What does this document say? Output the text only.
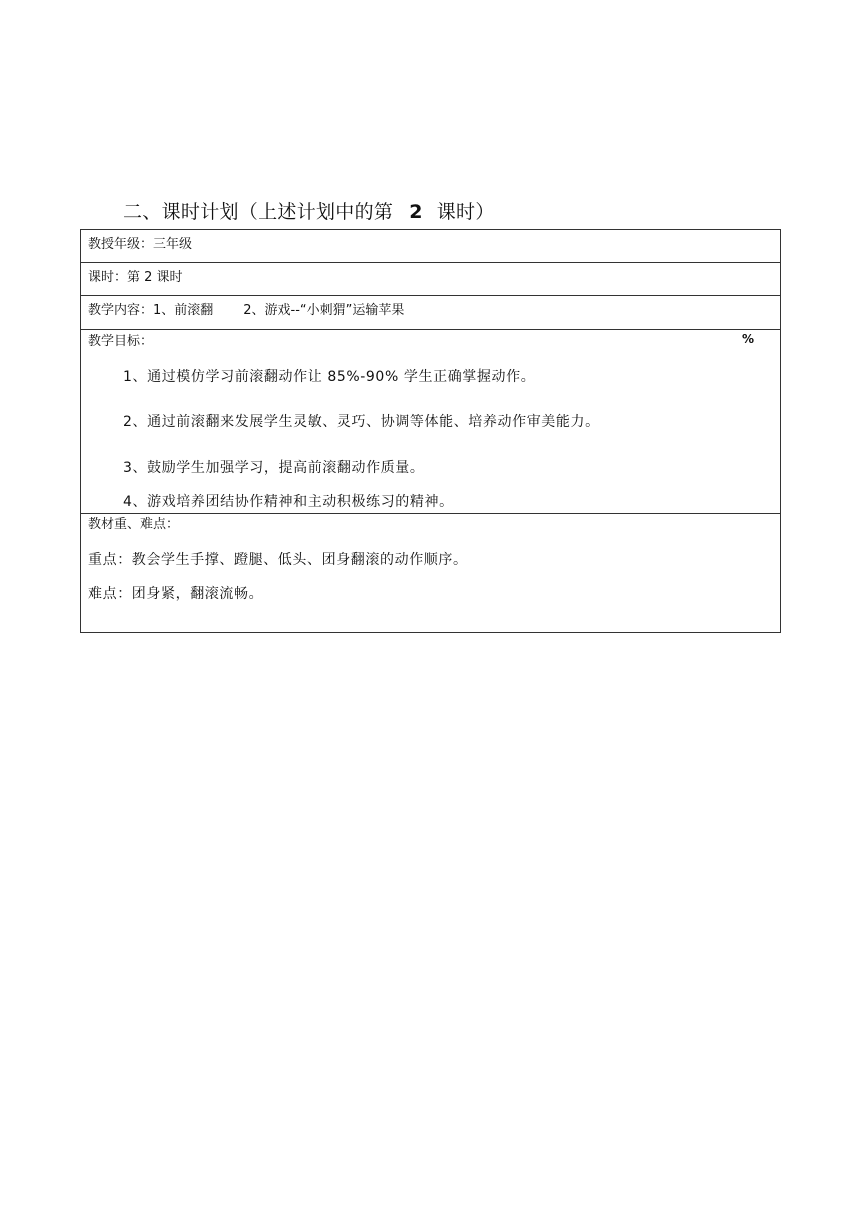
二、课时计划（上述计划中的第 2 课时）
教授年级：三年级
课时：第 2 课时
教学内容：1、前滚翻 2、游戏--“小刺猬”运输苹果
教学目标：	%
1、通过模仿学习前滚翻动作让 85%-90% 学生正确掌握动作。
2、通过前滚翻来发展学生灵敏、灵巧、协调等体能、培养动作审美能力。
3、鼓励学生加强学习，提高前滚翻动作质量。
4、游戏培养团结协作精神和主动积极练习的精神。
教材重、难点：
重点：教会学生手撑、蹬腿、低头、团身翻滚的动作顺序。
难点：团身紧，翻滚流畅。
